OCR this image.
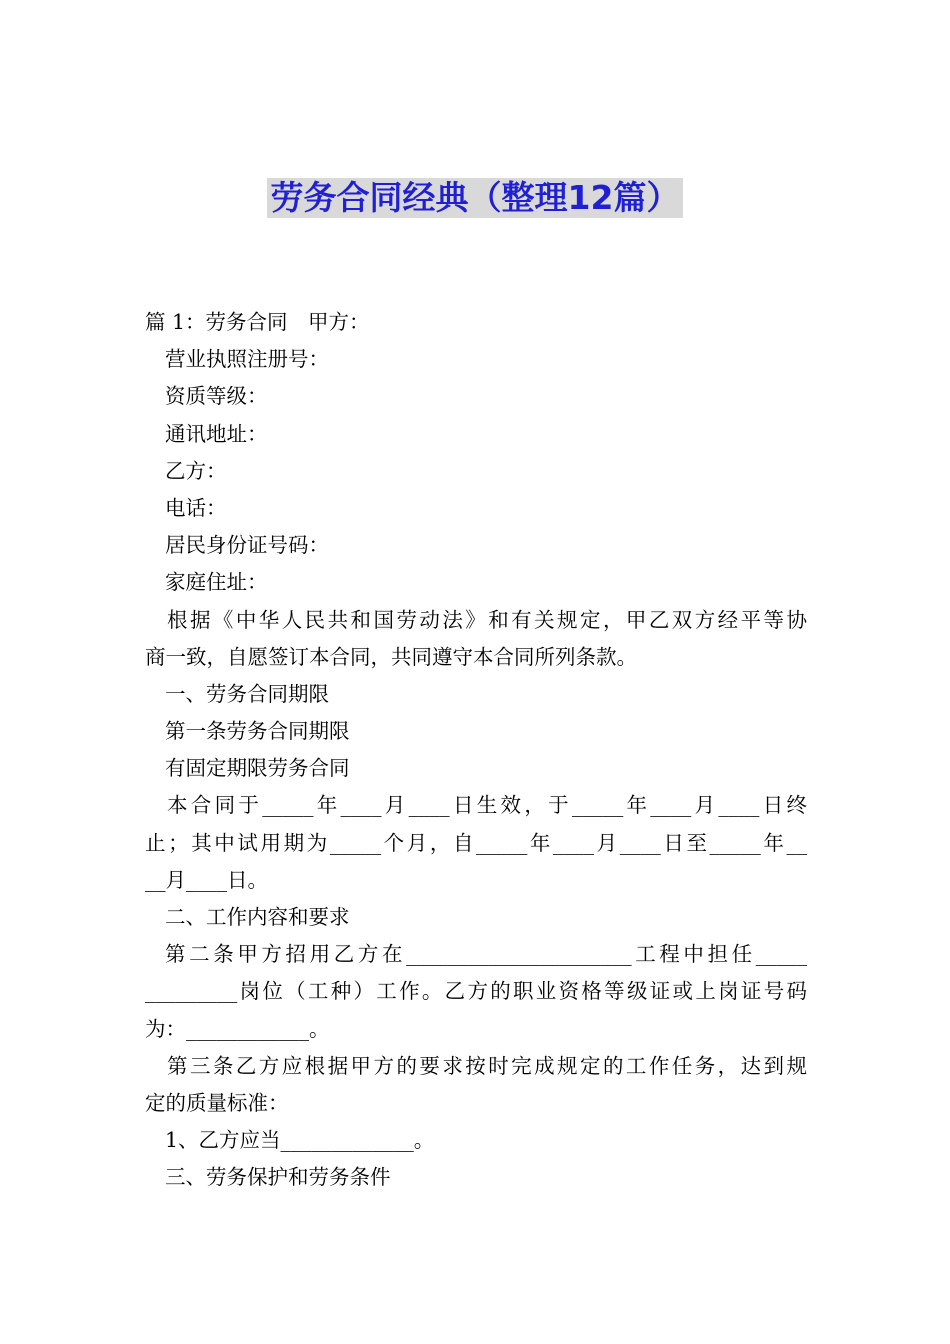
劳务合同经典（整理12篇）
篇 1：劳务合同　甲方：
营业执照注册号：
资质等级：
通讯地址：
乙方：
电话：
居民身份证号码：
家庭住址：
根据《中华人民共和国劳动法》和有关规定，甲乙双方经平等协
商一致，自愿签订本合同，共同遵守本合同所列条款。
一、劳务合同期限
第一条劳务合同期限
有固定期限劳务合同
本合同于_____年____月____日生效，于_____年____月____日终
止；其中试用期为_____个月，自_____年____月____日至_____年__
__月____日。
二、工作内容和要求
第二条甲方招用乙方在______________________工程中担任_____
_________岗位（工种）工作。乙方的职业资格等级证或上岗证号码
为：____________。
第三条乙方应根据甲方的要求按时完成规定的工作任务，达到规
定的质量标准：
1、乙方应当_____________。
三、劳务保护和劳务条件
